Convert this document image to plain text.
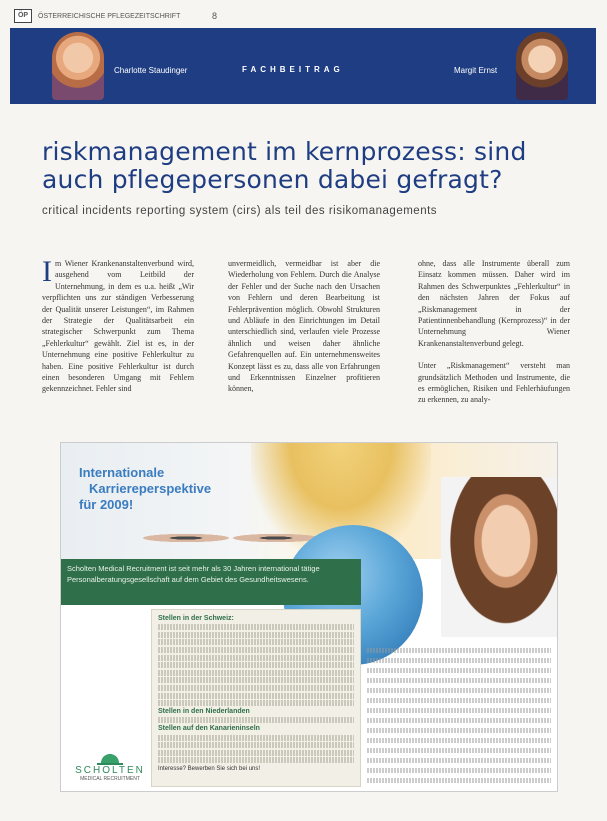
ÖP	ÖSTERREICHISCHE PFLEGEZEITSCHRIFT	8
Charlotte Staudinger	FACHBEITRAG	Margit Ernst
riskmanagement im kernprozess: sind auch pflegepersonen dabei gefragt?
critical incidents reporting system (cirs) als teil des risikomanagements
I m Wiener Krankenanstaltenverbund wird, ausgehend vom Leitbild der Unternehmung, in dem es u.a. heißt „Wir verpflichten uns zur ständigen Verbesserung der Qualität unserer Leistungen“, im Rahmen der Strategie der Qualitätsarbeit ein strategischer Schwerpunkt zum Thema „Fehlerkultur“ gewählt. Ziel ist es, in der Unternehmung eine positive Fehlerkultur zu haben. Eine positive Fehlerkultur ist durch einen besonderen Umgang mit Fehlern gekennzeichnet. Fehler sind
unvermeidlich, vermeidbar ist aber die Wiederholung von Fehlern. Durch die Analyse der Fehler und der Suche nach den Ursachen von Fehlern und deren Bearbeitung ist Fehlerprävention möglich. Obwohl Strukturen und Abläufe in den Einrichtungen im Detail unterschiedlich sind, verlaufen viele Prozesse ähnlich und weisen daher ähnliche Gefahrenquellen auf. Ein unternehmensweites Konzept lässt es zu, dass alle von Erfahrungen und Erkenntnissen Einzelner profitieren können,

ohne, dass alle Instrumente überall zum Einsatz kommen müssen. Daher wird im Rahmen des Schwerpunktes „Fehlerkultur“ in den nächsten Jahren der Fokus auf „Riskmanagement in der Patientinnenbehandlung (Kernprozess)“ in der Unternehmung Wiener Krankenanstaltenverbund gelegt.

Unter „Riskmanagement“ versteht man grundsätzlich Methoden und Instrumente, die es ermöglichen, Risiken und Fehlerhäufungen zu erkennen, zu analy-

Internationale
Karriereperspektive
für 2009!
Scholten Medical Recruitment ist seit mehr als 30 Jahren international tätige Personalberatungsgesellschaft auf dem Gebiet des Gesundheitswesens.
Stellen in der Schweiz:
Stellen in den Niederlanden
Stellen auf den Kanarieninseln
Interesse? Bewerben Sie sich bei uns!
SCHOLTEN
MEDICAL RECRUITMENT
